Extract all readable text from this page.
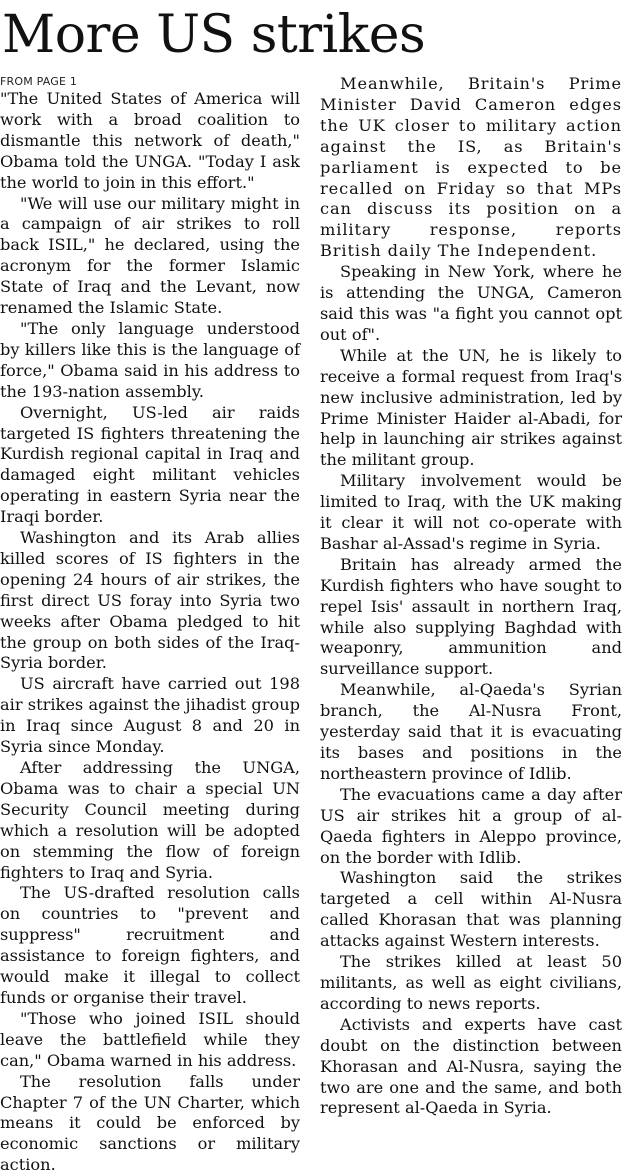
More US strikes
FROM PAGE 1

"The United States of America will work with a broad coalition to dismantle this network of death," Obama told the UNGA. "Today I ask the world to join in this effort."

"We will use our military might in a campaign of air strikes to roll back ISIL," he declared, using the acronym for the former Islamic State of Iraq and the Levant, now renamed the Islamic State.

"The only language understood by killers like this is the language of force," Obama said in his address to the 193-nation assembly.

Overnight, US-led air raids targeted IS fighters threatening the Kurdish regional capital in Iraq and damaged eight militant vehicles operating in eastern Syria near the Iraqi border.

Washington and its Arab allies killed scores of IS fighters in the opening 24 hours of air strikes, the first direct US foray into Syria two weeks after Obama pledged to hit the group on both sides of the Iraq-Syria border.

US aircraft have carried out 198 air strikes against the jihadist group in Iraq since August 8 and 20 in Syria since Monday.

After addressing the UNGA, Obama was to chair a special UN Security Council meeting during which a resolution will be adopted on stemming the flow of foreign fighters to Iraq and Syria.

The US-drafted resolution calls on countries to "prevent and suppress" recruitment and assistance to foreign fighters, and would make it illegal to collect funds or organise their travel.

"Those who joined ISIL should leave the battlefield while they can," Obama warned in his address.

The resolution falls under Chapter 7 of the UN Charter, which means it could be enforced by economic sanctions or military action.

Meanwhile, Britain's Prime Minister David Cameron edges the UK closer to military action against the IS, as Britain's parliament is expected to be recalled on Friday so that MPs can discuss its position on a military response, reports British daily The Independent.

Speaking in New York, where he is attending the UNGA, Cameron said this was "a fight you cannot opt out of".

While at the UN, he is likely to receive a formal request from Iraq's new inclusive administration, led by Prime Minister Haider al-Abadi, for help in launching air strikes against the militant group.

Military involvement would be limited to Iraq, with the UK making it clear it will not co-operate with Bashar al-Assad's regime in Syria.

Britain has already armed the Kurdish fighters who have sought to repel Isis' assault in northern Iraq, while also supplying Baghdad with weaponry, ammunition and surveillance support.

Meanwhile, al-Qaeda's Syrian branch, the Al-Nusra Front, yesterday said that it is evacuating its bases and positions in the northeastern province of Idlib.

The evacuations came a day after US air strikes hit a group of al-Qaeda fighters in Aleppo province, on the border with Idlib.

Washington said the strikes targeted a cell within Al-Nusra called Khorasan that was planning attacks against Western interests.

The strikes killed at least 50 militants, as well as eight civilians, according to news reports.

Activists and experts have cast doubt on the distinction between Khorasan and Al-Nusra, saying the two are one and the same, and both represent al-Qaeda in Syria.
